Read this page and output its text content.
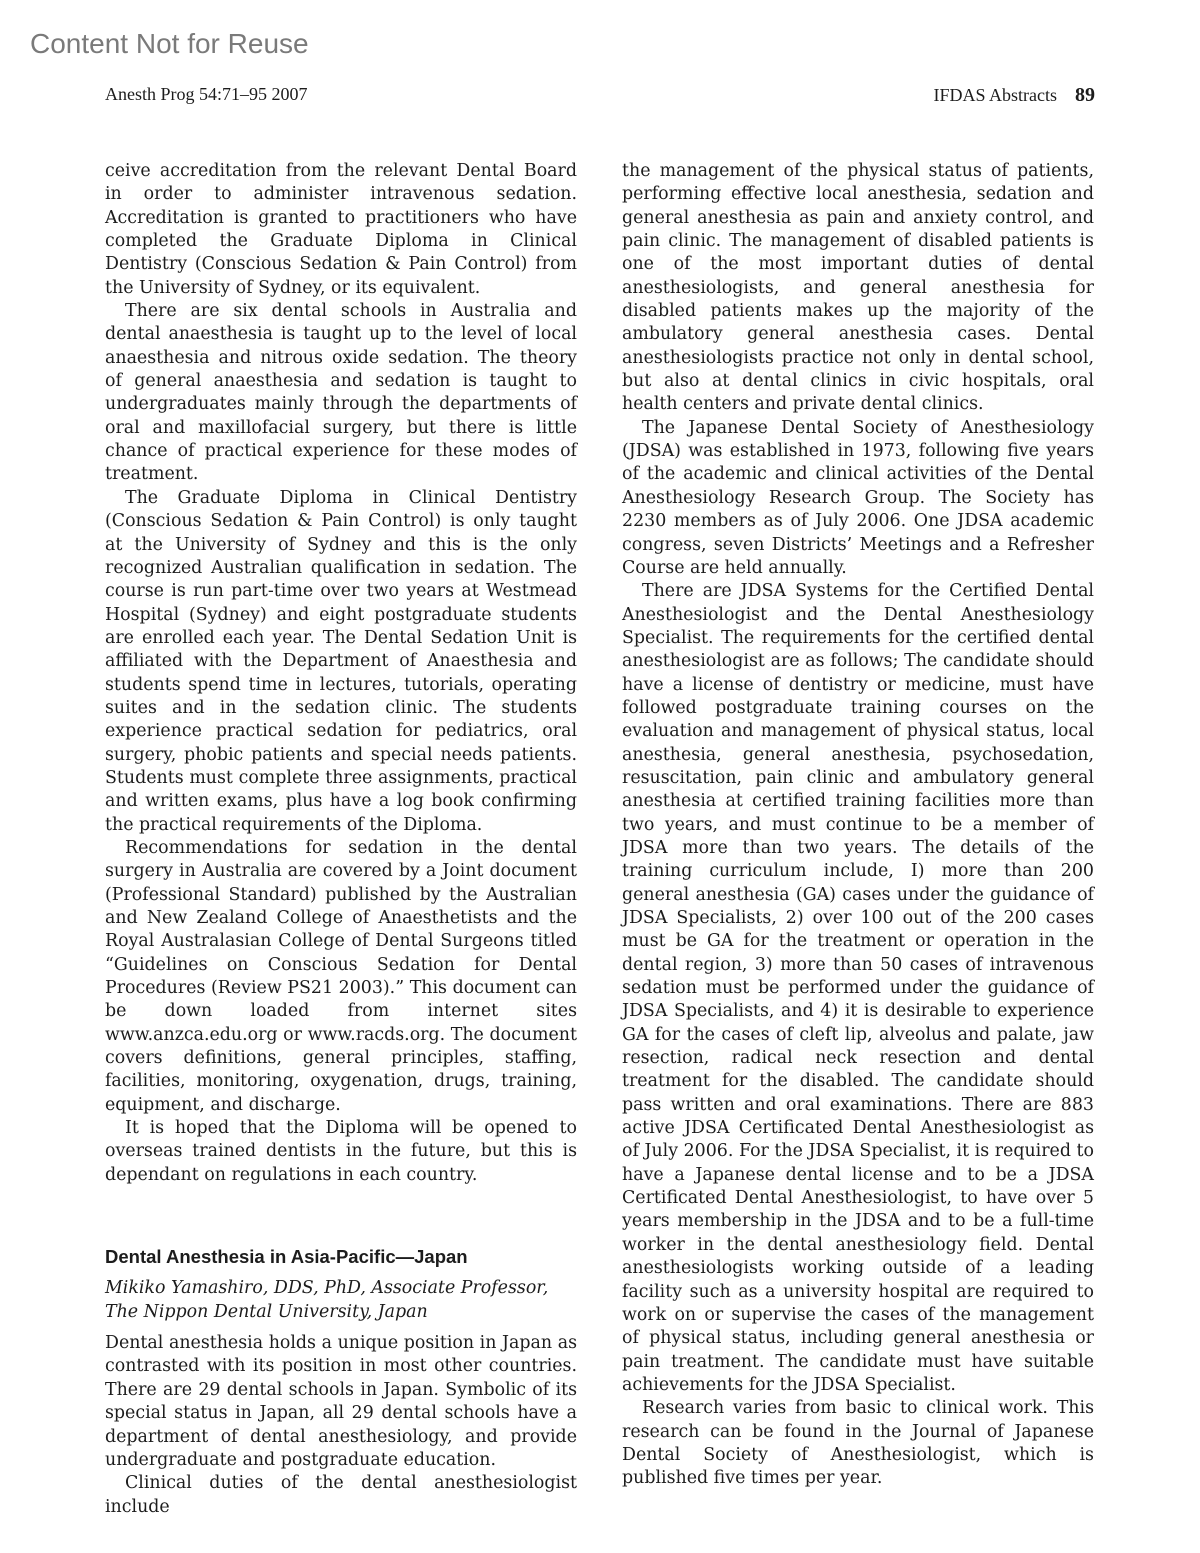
Content Not for Reuse
Anesth Prog 54:71–95 2007	IFDAS Abstracts 89

ceive accreditation from the relevant Dental Board in order to administer intravenous sedation. Accreditation is granted to practitioners who have completed the Graduate Diploma in Clinical Dentistry (Conscious Sedation & Pain Control) from the University of Sydney, or its equivalent.

There are six dental schools in Australia and dental anaesthesia is taught up to the level of local anaesthesia and nitrous oxide sedation. The theory of general anaesthesia and sedation is taught to undergraduates mainly through the departments of oral and maxillofacial surgery, but there is little chance of practical experience for these modes of treatment.

The Graduate Diploma in Clinical Dentistry (Conscious Sedation & Pain Control) is only taught at the University of Sydney and this is the only recognized Australian qualification in sedation. The course is run part-time over two years at Westmead Hospital (Sydney) and eight postgraduate students are enrolled each year. The Dental Sedation Unit is affiliated with the Department of Anaesthesia and students spend time in lectures, tutorials, operating suites and in the sedation clinic. The students experience practical sedation for pediatrics, oral surgery, phobic patients and special needs patients. Students must complete three assignments, practical and written exams, plus have a log book confirming the practical requirements of the Diploma.

Recommendations for sedation in the dental surgery in Australia are covered by a Joint document (Professional Standard) published by the Australian and New Zealand College of Anaesthetists and the Royal Australasian College of Dental Surgeons titled “Guidelines on Conscious Sedation for Dental Procedures (Review PS21 2003).” This document can be down loaded from internet sites www.anzca.edu.org or www.racds.org. The document covers definitions, general principles, staffing, facilities, monitoring, oxygenation, drugs, training, equipment, and discharge.

It is hoped that the Diploma will be opened to overseas trained dentists in the future, but this is dependant on regulations in each country.

Dental Anesthesia in Asia-Pacific—Japan
Mikiko Yamashiro, DDS, PhD, Associate Professor,
The Nippon Dental University, Japan

Dental anesthesia holds a unique position in Japan as contrasted with its position in most other countries. There are 29 dental schools in Japan. Symbolic of its special status in Japan, all 29 dental schools have a department of dental anesthesiology, and provide undergraduate and postgraduate education.

Clinical duties of the dental anesthesiologist include

the management of the physical status of patients, performing effective local anesthesia, sedation and general anesthesia as pain and anxiety control, and pain clinic. The management of disabled patients is one of the most important duties of dental anesthesiologists, and general anesthesia for disabled patients makes up the majority of the ambulatory general anesthesia cases. Dental anesthesiologists practice not only in dental school, but also at dental clinics in civic hospitals, oral health centers and private dental clinics.

The Japanese Dental Society of Anesthesiology (JDSA) was established in 1973, following five years of the academic and clinical activities of the Dental Anesthesiology Research Group. The Society has 2230 members as of July 2006. One JDSA academic congress, seven Districts’ Meetings and a Refresher Course are held annually.

There are JDSA Systems for the Certified Dental Anesthesiologist and the Dental Anesthesiology Specialist. The requirements for the certified dental anesthesiologist are as follows; The candidate should have a license of dentistry or medicine, must have followed postgraduate training courses on the evaluation and management of physical status, local anesthesia, general anesthesia, psychosedation, resuscitation, pain clinic and ambulatory general anesthesia at certified training facilities more than two years, and must continue to be a member of JDSA more than two years. The details of the training curriculum include, I) more than 200 general anesthesia (GA) cases under the guidance of JDSA Specialists, 2) over 100 out of the 200 cases must be GA for the treatment or operation in the dental region, 3) more than 50 cases of intravenous sedation must be performed under the guidance of JDSA Specialists, and 4) it is desirable to experience GA for the cases of cleft lip, alveolus and palate, jaw resection, radical neck resection and dental treatment for the disabled. The candidate should pass written and oral examinations. There are 883 active JDSA Certificated Dental Anesthesiologist as of July 2006. For the JDSA Specialist, it is required to have a Japanese dental license and to be a JDSA Certificated Dental Anesthesiologist, to have over 5 years membership in the JDSA and to be a full-time worker in the dental anesthesiology field. Dental anesthesiologists working outside of a leading facility such as a university hospital are required to work on or supervise the cases of the management of physical status, including general anesthesia or pain treatment. The candidate must have suitable achievements for the JDSA Specialist.

Research varies from basic to clinical work. This research can be found in the Journal of Japanese Dental Society of Anesthesiologist, which is published five times per year.
